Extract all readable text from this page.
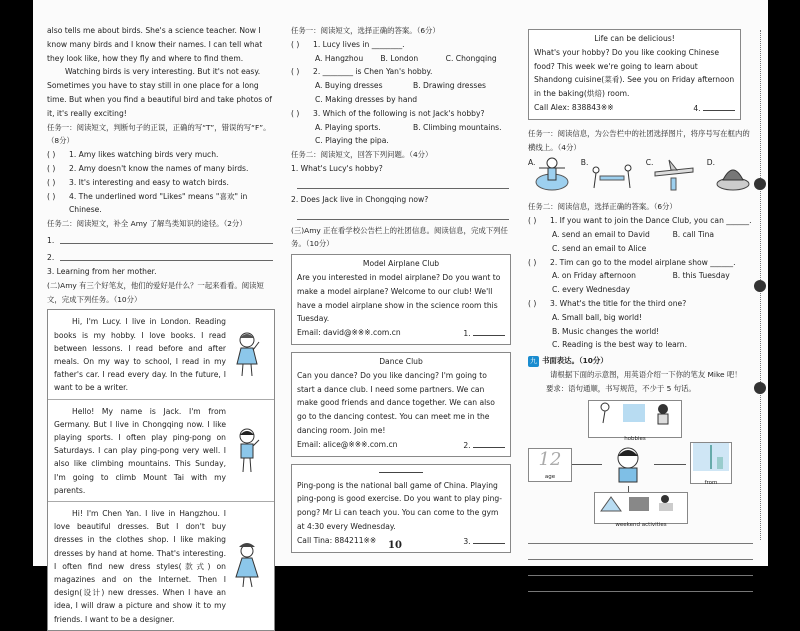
also tells me about birds. She's a science teacher. Now I know many birds and I know their names. I can tell what they look like, how they fly and where to find them.

Watching birds is very interesting. But it's not easy. Sometimes you have to stay still in one place for a long time. But when you find a beautiful bird and take photos of it, it's really exciting!

任务一：阅读短文，判断句子的正误，正确的写“T”，错误的写“F”。（8分）

( )	1. Amy likes watching birds very much.
( )	2. Amy doesn't know the names of many birds.
( )	3. It's interesting and easy to watch birds.
( )	4. The underlined word "Likes" means "喜欢" in Chinese.

任务二：阅读短文，补全 Amy 了解鸟类知识的途径。（2分）

1.
2.

3. Learning from her mother.

(二)Amy 有三个好笔友，他们的爱好是什么？一起来看看。阅读短文，完成下列任务。（10分）

Hi, I'm Lucy. I live in London. Reading books is my hobby. I love books. I read between lessons. I read before and after meals. On my way to school, I read in my father's car. I read every day. In the future, I want to be a writer.
Hello! My name is Jack. I'm from Germany. But I live in Chongqing now. I like playing sports. I often play ping-pong on Saturdays. I can play ping-pong very well. I also like climbing mountains. This Sunday, I'm going to climb Mount Tai with my parents.
Hi! I'm Chen Yan. I live in Hangzhou. I love beautiful dresses. But I don't buy dresses in the clothes shop. I like making dresses by hand at home. That's interesting. I often find new dress styles(款式) on magazines and on the Internet. Then I design(设计) new dresses. When I have an idea, I will draw a picture and show it to my friends. I want to be a designer.

任务一：阅读短文，选择正确的答案。（6分）

( )	1. Lucy lives in ________.
A. Hangzhou	B. London	C. Chongqing
( )	2. ________ is Chen Yan's hobby.
A. Buying dresses	B. Drawing dresses
C. Making dresses by hand
( )	3. Which of the following is not Jack's hobby?
A. Playing sports.	B. Climbing mountains.
C. Playing the pipa.

任务二：阅读短文，回答下列问题。（4分）

1. What's Lucy's hobby?

2. Does Jack live in Chongqing now?

(三)Amy 正在看学校公告栏上的社团信息。阅读信息，完成下列任务。（10分）

Model Airplane Club
Are you interested in model airplane? Do you want to make a model airplane? Welcome to our club! We'll have a model airplane show in the science room this Tuesday.
Email: david@※※※.com.cn	1.
Dance Club
Can you dance? Do you like dancing? I'm going to start a dance club. I need some partners. We can make good friends and dance together. We can also go to the dancing contest. You can meet me in the dancing room. Join me!
Email: alice@※※※.com.cn	2.
Ping-pong is the national ball game of China. Playing ping-pong is good exercise. Do you want to play ping-pong? Mr Li can teach you. You can come to the gym at 4:30 every Wednesday.
Call Tina: 884211※※	3.
Life can be delicious!
What's your hobby? Do you like cooking Chinese food? This week we're going to learn about Shandong cuisine(菜肴). See you on Friday afternoon in the baking(烘焙) room.
Call Alex: 838843※※	4.

任务一：阅读信息，为公告栏中的社团选择图片，将序号写在框内的横线上。（4分）

A.	B.	C.	D.

任务二：阅读信息，选择正确的答案。（6分）

( )	1. If you want to join the Dance Club, you can ______.
A. send an email to David	B. call Tina
C. send an email to Alice
( )	2. Tim can go to the model airplane show ______.
A. on Friday afternoon	B. this Tuesday
C. every Wednesday
( )	3. What's the title for the third one?
A. Small ball, big world!
B. Music changes the world!
C. Reading is the best way to learn.

九 书面表达。（10分）

请根据下面的示意图，用英语介绍一下你的笔友 Mike 吧！

要求：语句通顺，书写规范，不少于 5 句话。

hobbies
12
age
from
weekend activities
10
